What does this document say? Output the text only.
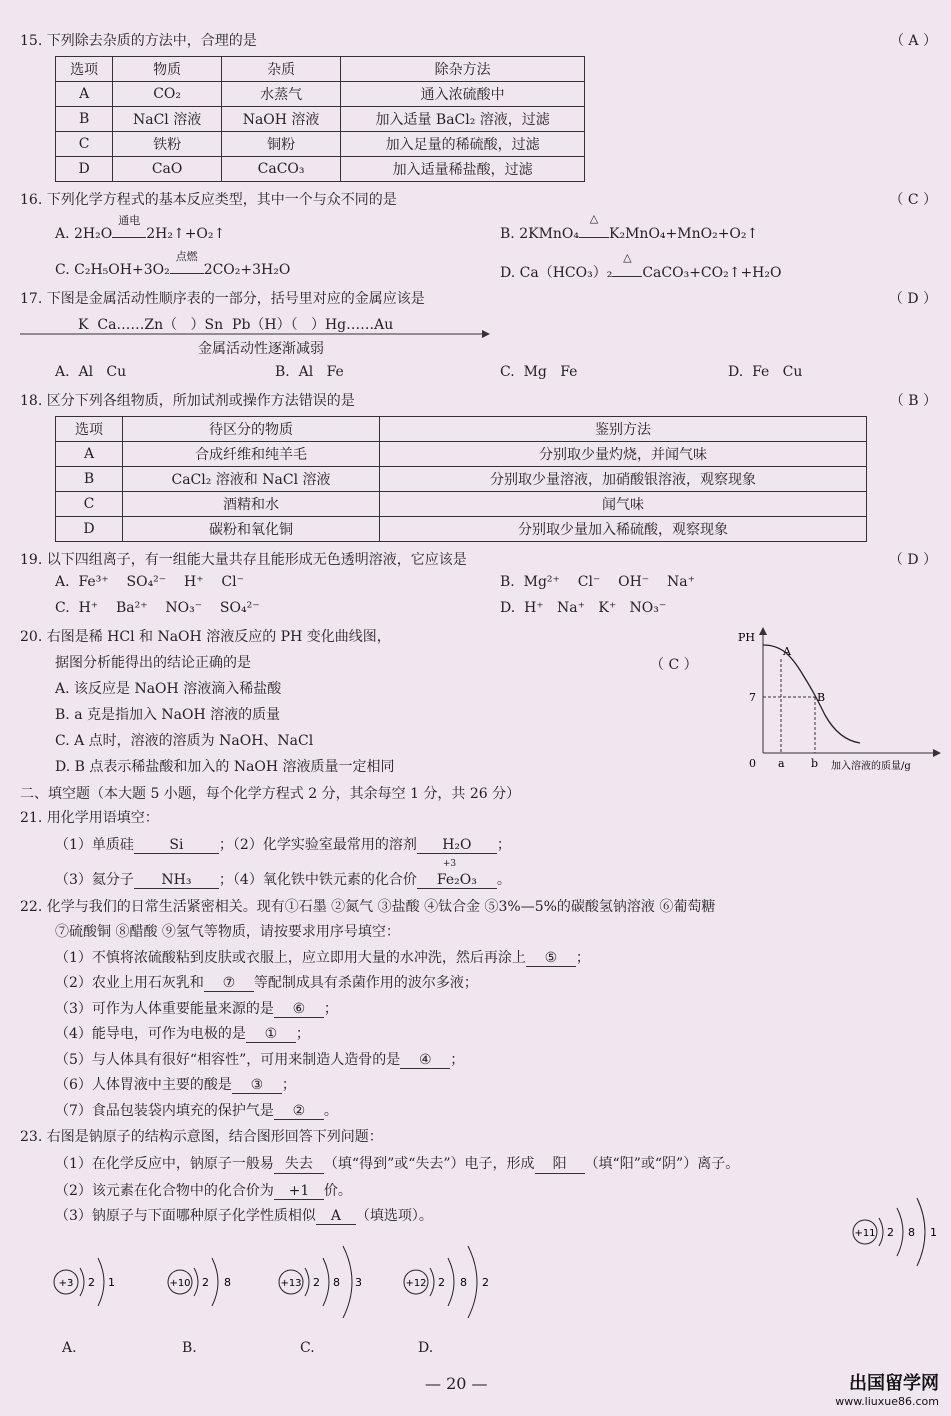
15. 下列除去杂质的方法中，合理的是	（ A ）
选项	物质	杂质	除杂方法
A	CO₂	水蒸气	通入浓硫酸中
B	NaCl 溶液	NaOH 溶液	加入适量 BaCl₂ 溶液，过滤
C	铁粉	铜粉	加入足量的稀硫酸，过滤
D	CaO	CaCO₃	加入适量稀盐酸，过滤
16. 下列化学方程式的基本反应类型，其中一个与众不同的是	（ C ）
A. 2H₂O
通电
2H₂↑+O₂↑	B. 2KMnO₄
△
K₂MnO₄+MnO₂+O₂↑
C. C₂H₅OH+3O₂
点燃
2CO₂+3H₂O	D. Ca（HCO₃）₂
△
CaCO₃+CO₂↑+H₂O
17. 下图是金属活动性顺序表的一部分，括号里对应的金属应该是	（ D ）
K  Ca……Zn（   ）Sn  Pb（H）（   ）Hg……Au
金属活动性逐渐减弱
A.  Al   Cu	B.  Al   Fe	C.  Mg   Fe	D.  Fe   Cu
18. 区分下列各组物质，所加试剂或操作方法错误的是	（ B ）
选项	待区分的物质	鉴别方法
A	合成纤维和纯羊毛	分别取少量灼烧，并闻气味
B	CaCl₂ 溶液和 NaCl 溶液	分别取少量溶液，加硝酸银溶液，观察现象
C	酒精和水	闻气味
D	碳粉和氧化铜	分别取少量加入稀硫酸，观察现象
19. 以下四组离子，有一组能大量共存且能形成无色透明溶液，它应该是	（ D ）
A.  Fe³⁺    SO₄²⁻    H⁺    Cl⁻	B.  Mg²⁺    Cl⁻    OH⁻    Na⁺
C.  H⁺    Ba²⁺    NO₃⁻    SO₄²⁻	D.  H⁺   Na⁺   K⁺   NO₃⁻
20. 右图是稀 HCl 和 NaOH 溶液反应的 PH 变化曲线图，
据图分析能得出的结论正确的是	（ C ）
A. 该反应是 NaOH 溶液滴入稀盐酸
B. a 克是指加入 NaOH 溶液的质量
C. A 点时，溶液的溶质为 NaOH、NaCl
D. B 点表示稀盐酸和加入的 NaOH 溶液质量一定相同
PH
7
0 a b
A
B
加入溶液的质量/g
二、填空题（本大题 5 小题，每个化学方程式 2 分，其余每空 1 分，共 26 分）
21. 用化学用语填空：
（1）单质硅	Si	；（2）化学实验室最常用的溶剂 H₂O ；
（3）氦分子 NH₃ ；（4）氧化铁中铁元素的化合价
+3
Fe₂O₃ 。
22. 化学与我们的日常生活紧密相关。现有①石墨 ②氮气 ③盐酸 ④钛合金 ⑤3%—5%的碳酸氢钠溶液 ⑥葡萄糖
⑦硫酸铜 ⑧醋酸 ⑨氢气等物质，请按要求用序号填空：
（1）不慎将浓硫酸粘到皮肤或衣服上，应立即用大量的水冲洗，然后再涂上 ⑤ ；
（2）农业上用石灰乳和 ⑦ 等配制成具有杀菌作用的波尔多液；
（3）可作为人体重要能量来源的是 ⑥ ；
（4）能导电，可作为电极的是 ① ；
（5）与人体具有很好“相容性”，可用来制造人造骨的是 ④ ；
（6）人体胃液中主要的酸是 ③ ；
（7）食品包装袋内填充的保护气是 ② 。
23. 右图是钠原子的结构示意图，结合图形回答下列问题：
（1）在化学反应中，钠原子一般易 失去 （填“得到”或“失去”）电子，形成 阳 （填“阳”或“阴”）离子。
（2）该元素在化合物中的化合价为 +1 价。
（3）钠原子与下面哪种原子化学性质相似 A （填选项）。
+11 2 8 1
+3 2 1	+10 2 8	+13 2 8 3	+12 2 8 2
A.	B.	C.	D.
— 20 —	出国留学网
www.liuxue86.com
